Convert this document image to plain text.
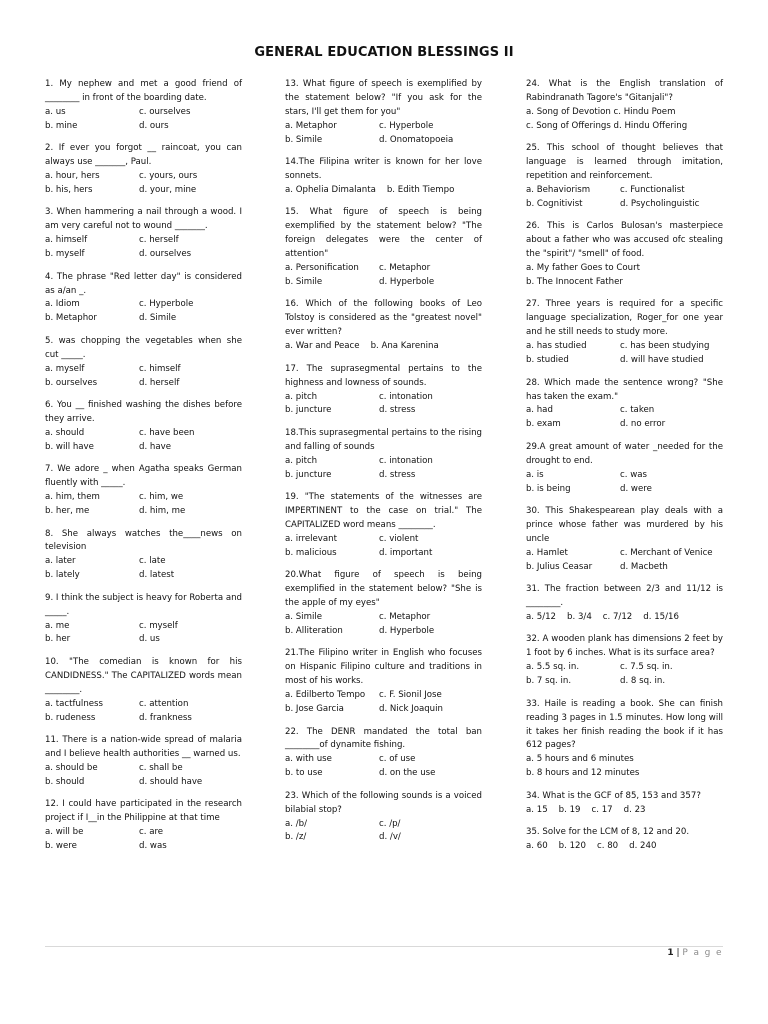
GENERAL EDUCATION BLESSINGS II
1. My nephew and met a good friend of ________ in front of the boarding date.
a. us	c. ourselves
b. mine	d. ours
2. If ever you forgot __ raincoat, you can always use _______, Paul.
a. hour, hers	c. yours, ours
b. his, hers	d. your, mine
3. When hammering a nail through a wood. I am very careful not to wound _______.
a. himself	c. herself
b. myself	d. ourselves
4. The phrase "Red letter day" is considered as a/an _.
a. Idiom	c. Hyperbole
b. Metaphor	d. Simile
5. was chopping the vegetables when she cut _____.
a. myself	c. himself
b. ourselves	d. herself
6. You __ finished washing the dishes before they arrive.
a. should	c. have been
b. will have	d. have
7. We adore _ when Agatha speaks German fluently with _____.
a. him, them	c. him, we
b. her, me	d. him, me
8. She always watches the____news on television
a. later	c. late
b. lately	d. latest
9. I think the subject is heavy for Roberta and _____.
a. me	c. myself
b. her	d. us
10. "The comedian is known for his CANDIDNESS." The CAPITALIZED words mean ________.
a. tactfulness	c. attention
b. rudeness	d. frankness
11. There is a nation-wide spread of malaria and I believe health authorities __ warned us.
a. should be	c. shall be
b. should	d. should have
12. I could have participated in the research project if I__in the Philippine at that time
a. will be	c. are
b. were	d. was
13. What figure of speech is exemplified by the statement below? "If you ask for the stars, I'll get them for you"
a. Metaphor	c. Hyperbole
b. Simile	d. Onomatopoeia
14.The Filipina writer is known for her love sonnets.
a. Ophelia Dimalanta b. Edith Tiempo
15. What figure of speech is being exemplified by the statement below? "The foreign delegates were the center of attention"
a. Personification	c. Metaphor
b. Simile	d. Hyperbole
16. Which of the following books of Leo Tolstoy is considered as the "greatest novel" ever written?
a. War and Peace b. Ana Karenina
17. The suprasegmental pertains to the highness and lowness of sounds.
a. pitch	c. intonation
b. juncture	d. stress
18.This suprasegmental pertains to the rising and falling of sounds
a. pitch	c. intonation
b. juncture	d. stress
19. "The statements of the witnesses are IMPERTINENT to the case on trial." The CAPITALIZED word means ________.
a. irrelevant	c. violent
b. malicious	d. important
20.What figure of speech is being exemplified in the statement below? "She is the apple of my eyes"
a. Simile	c. Metaphor
b. Alliteration	d. Hyperbole
21.The Filipino writer in English who focuses on Hispanic Filipino culture and traditions in most of his works.
a. Edilberto Tempo	c. F. Sionil Jose
b. Jose Garcia	d. Nick Joaquin
22. The DENR mandated the total ban ________of dynamite fishing.
a. with use	c. of use
b. to use	d. on the use
23. Which of the following sounds is a voiced bilabial stop?
a. /b/	c. /p/
b. /z/	d. /v/
24. What is the English translation of Rabindranath Tagore's "Gitanjali"?
a. Song of Devotion c. Hindu Poem
c. Song of Offerings d. Hindu Offering
25. This school of thought believes that language is learned through imitation, repetition and reinforcement.
a. Behaviorism	c. Functionalist
b. Cognitivist	d. Psycholinguistic
26. This is Carlos Bulosan's masterpiece about a father who was accused ofc stealing the "spirit"/ "smell" of food.
a. My father Goes to Court
b. The Innocent Father
27. Three years is required for a specific language specialization, Roger_for one year and he still needs to study more.
a. has studied	c. has been studying
b. studied	d. will have studied
28. Which made the sentence wrong? "She has taken the exam."
a. had	c. taken
b. exam	d. no error
29.A great amount of water _needed for the drought to end.
a. is	c. was
b. is being	d. were
30. This Shakespearean play deals with a prince whose father was murdered by his uncle
a. Hamlet	c. Merchant of Venice
b. Julius Ceasar	d. Macbeth
31. The fraction between 2/3 and 11/12 is ________.
a. 5/12 b. 3/4 c. 7/12 d. 15/16
32. A wooden plank has dimensions 2 feet by 1 foot by 6 inches. What is its surface area?
a. 5.5 sq. in.	c. 7.5 sq. in.
b. 7 sq. in.	d. 8 sq. in.
33. Haile is reading a book. She can finish reading 3 pages in 1.5 minutes. How long will it takes her finish reading the book if it has 612 pages?
a. 5 hours and 6 minutes
b. 8 hours and 12 minutes
34. What is the GCF of 85, 153 and 357?
a. 15 b. 19 c. 17 d. 23
35. Solve for the LCM of 8, 12 and 20.
a. 60 b. 120 c. 80 d. 240
1 | P a g e
